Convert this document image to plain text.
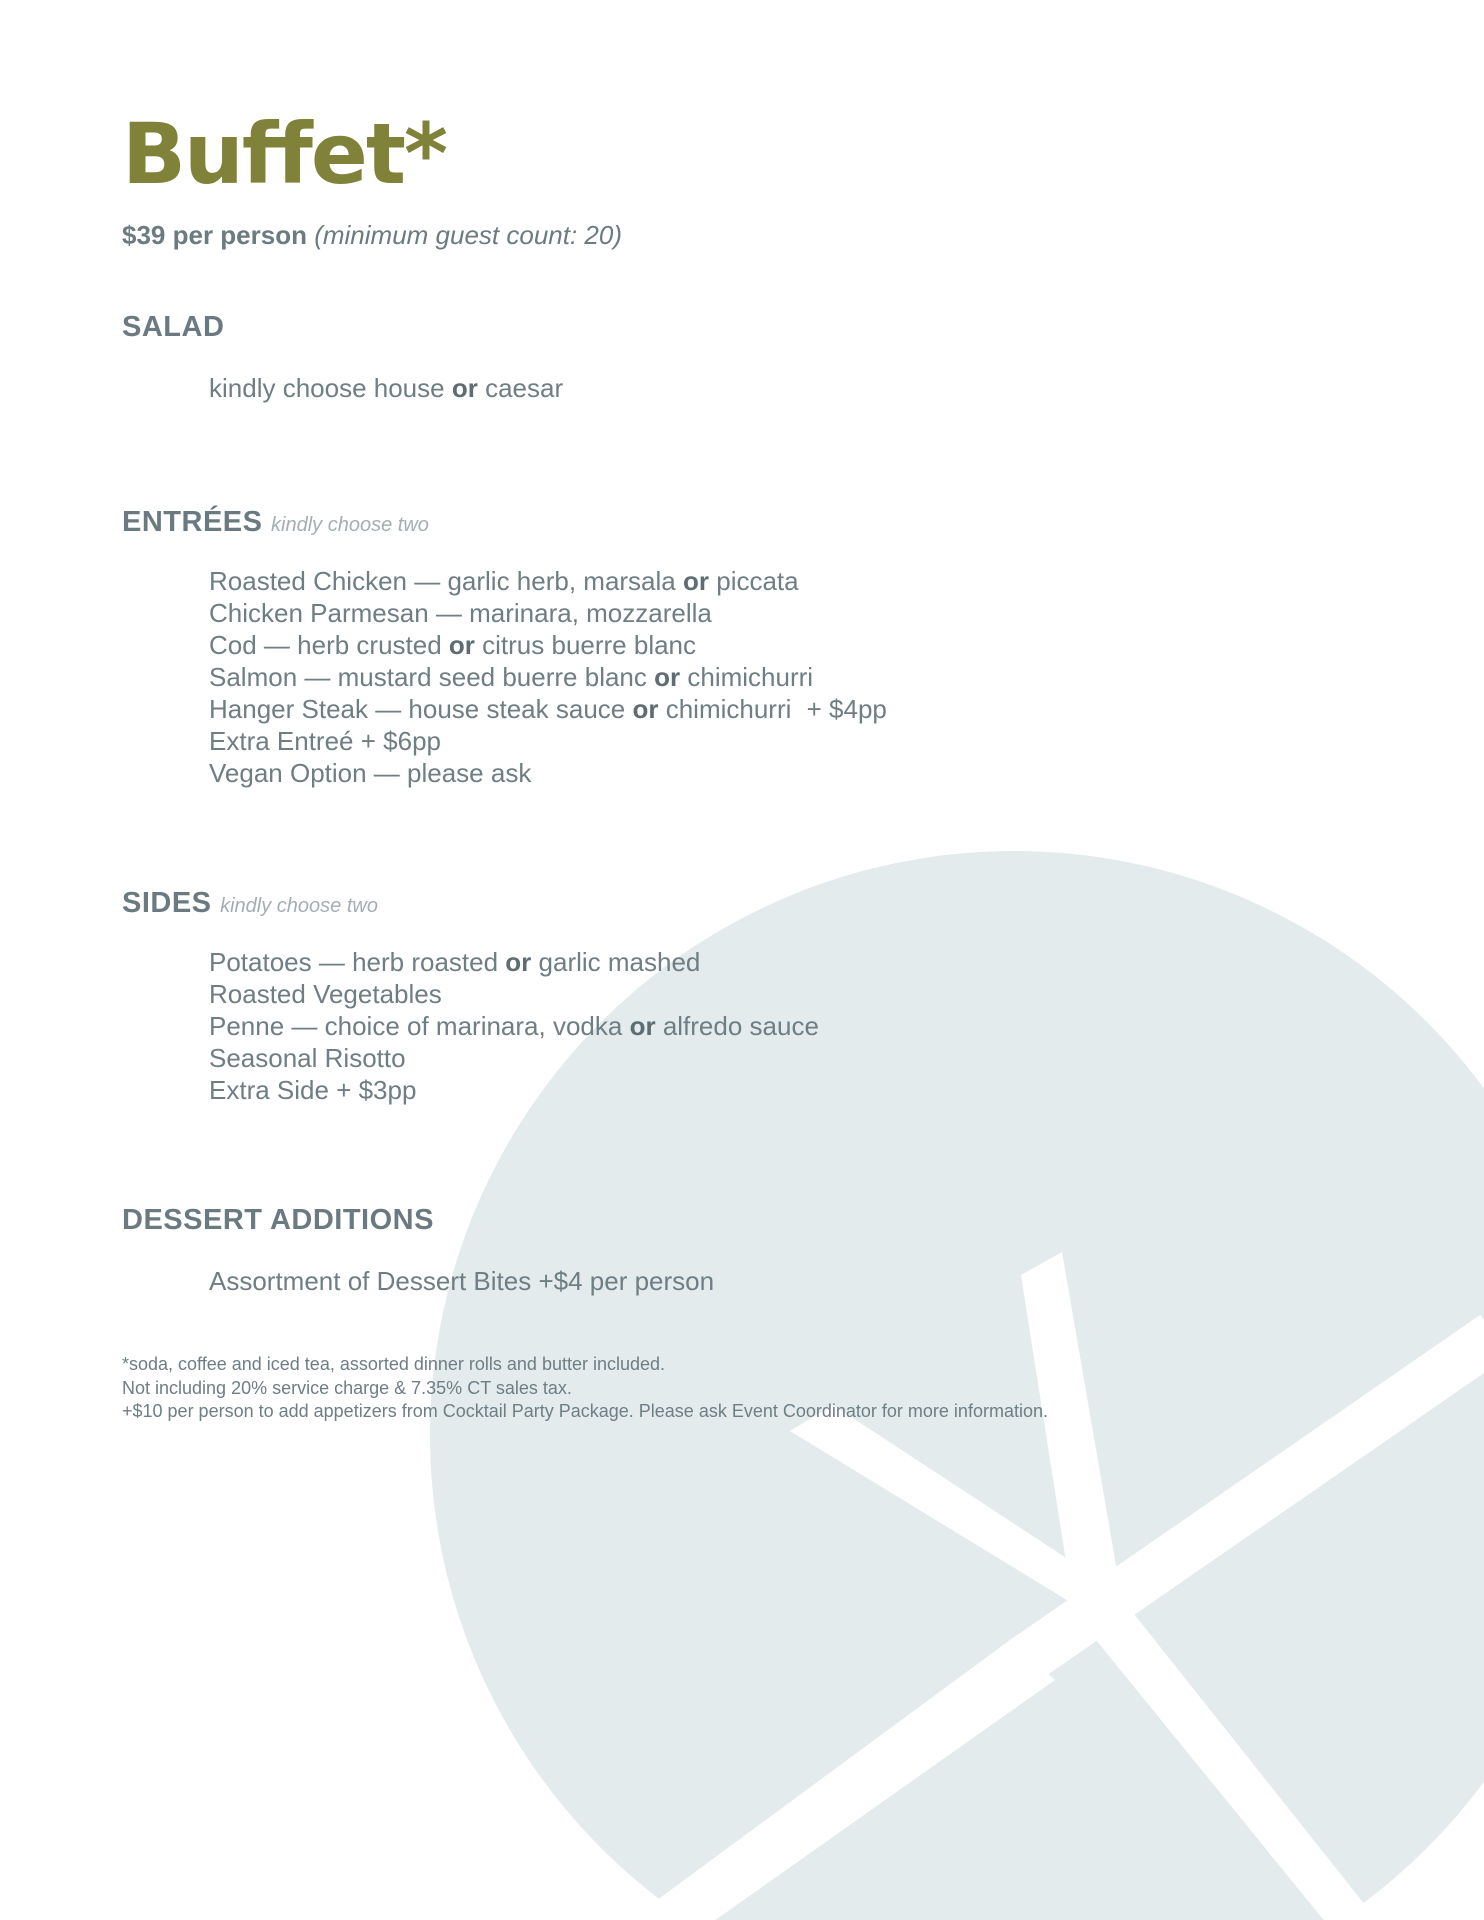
Buffet*
$39 per person (minimum guest count: 20)
SALAD
kindly choose house or caesar
ENTRÉES kindly choose two
Roasted Chicken — garlic herb, marsala or piccata
Chicken Parmesan — marinara, mozzarella
Cod — herb crusted or citrus buerre blanc
Salmon — mustard seed buerre blanc or chimichurri
Hanger Steak — house steak sauce or chimichurri + $4pp
Extra Entreé + $6pp
Vegan Option — please ask
SIDES kindly choose two
Potatoes — herb roasted or garlic mashed
Roasted Vegetables
Penne — choice of marinara, vodka or alfredo sauce
Seasonal Risotto
Extra Side + $3pp
DESSERT ADDITIONS
Assortment of Dessert Bites +$4 per person
*soda, coffee and iced tea, assorted dinner rolls and butter included.
Not including 20% service charge & 7.35% CT sales tax.
+$10 per person to add appetizers from Cocktail Party Package. Please ask Event Coordinator for more information.
